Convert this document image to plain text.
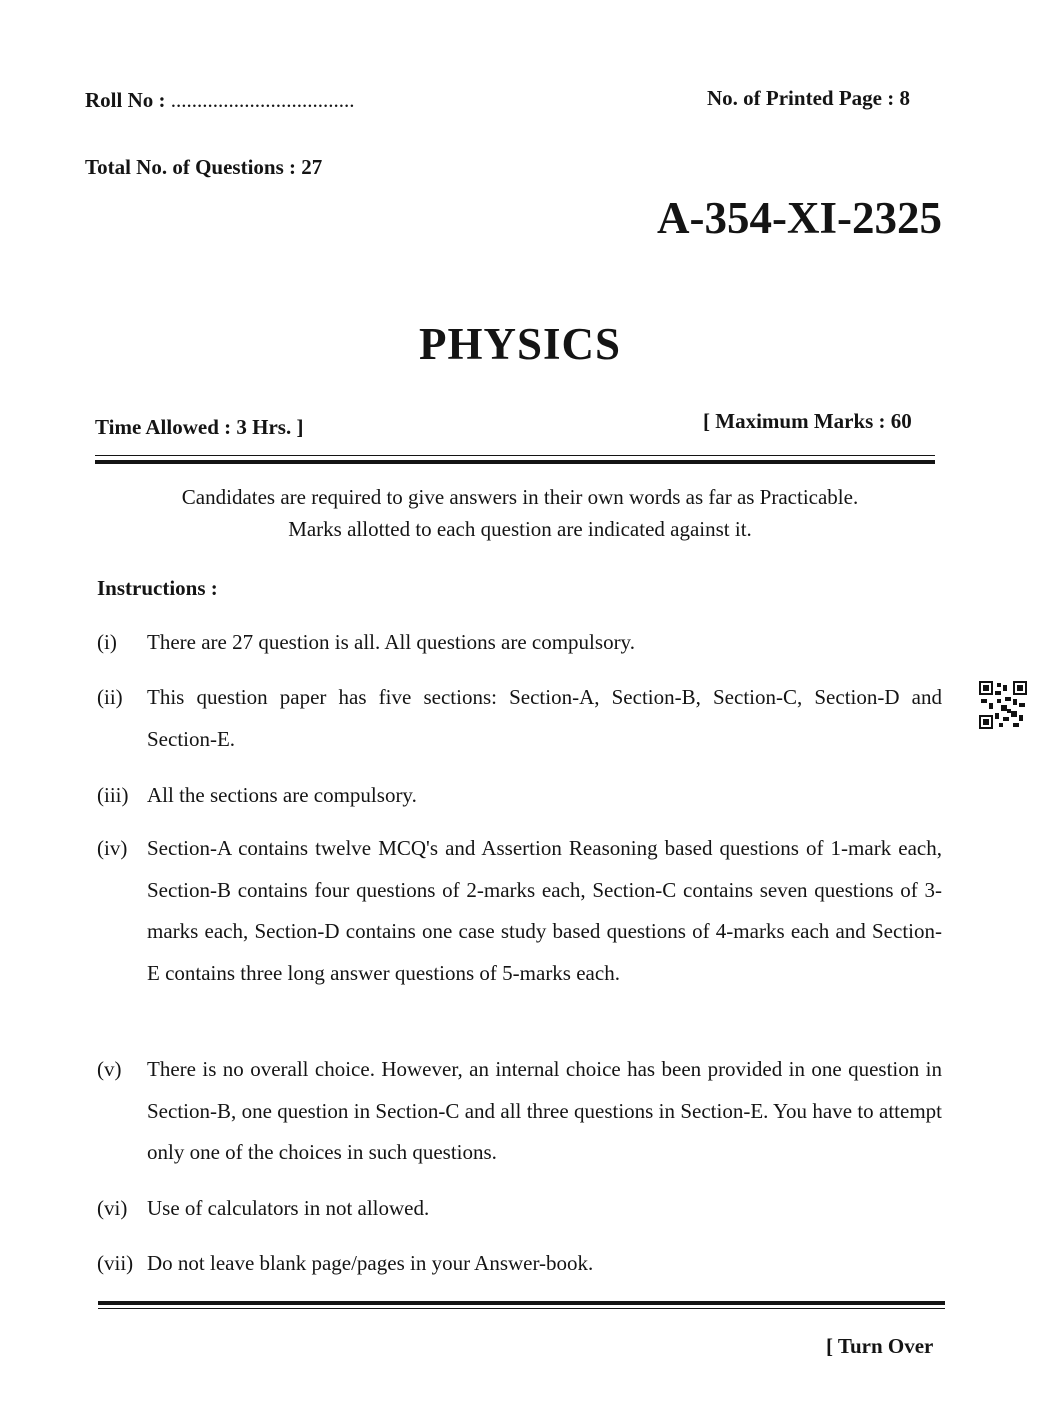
Roll No : ...................................	No. of Printed Page : 8
Total No. of Questions : 27
A-354-XI-2325
PHYSICS
Time Allowed : 3 Hrs. ]	[ Maximum Marks : 60
Candidates are required to give answers in their own words as far as Practicable.
Marks allotted to each question are indicated against it.
Instructions :
(i) There are 27 question is all. All questions are compulsory.
(ii) This question paper has five sections: Section-A, Section-B, Section-C, Section-D and Section-E.
(iii) All the sections are compulsory.
(iv) Section-A contains twelve MCQ's and Assertion Reasoning based questions of 1-mark each, Section-B contains four questions of 2-marks each, Section-C contains seven questions of 3-marks each, Section-D contains one case study based questions of 4-marks each and Section-E contains three long answer questions of 5-marks each.
(v) There is no overall choice. However, an internal choice has been provided in one question in Section-B, one question in Section-C and all three questions in Section-E. You have to attempt only one of the choices in such questions.
(vi) Use of calculators in not allowed.
(vii) Do not leave blank page/pages in your Answer-book.
[ Turn Over
